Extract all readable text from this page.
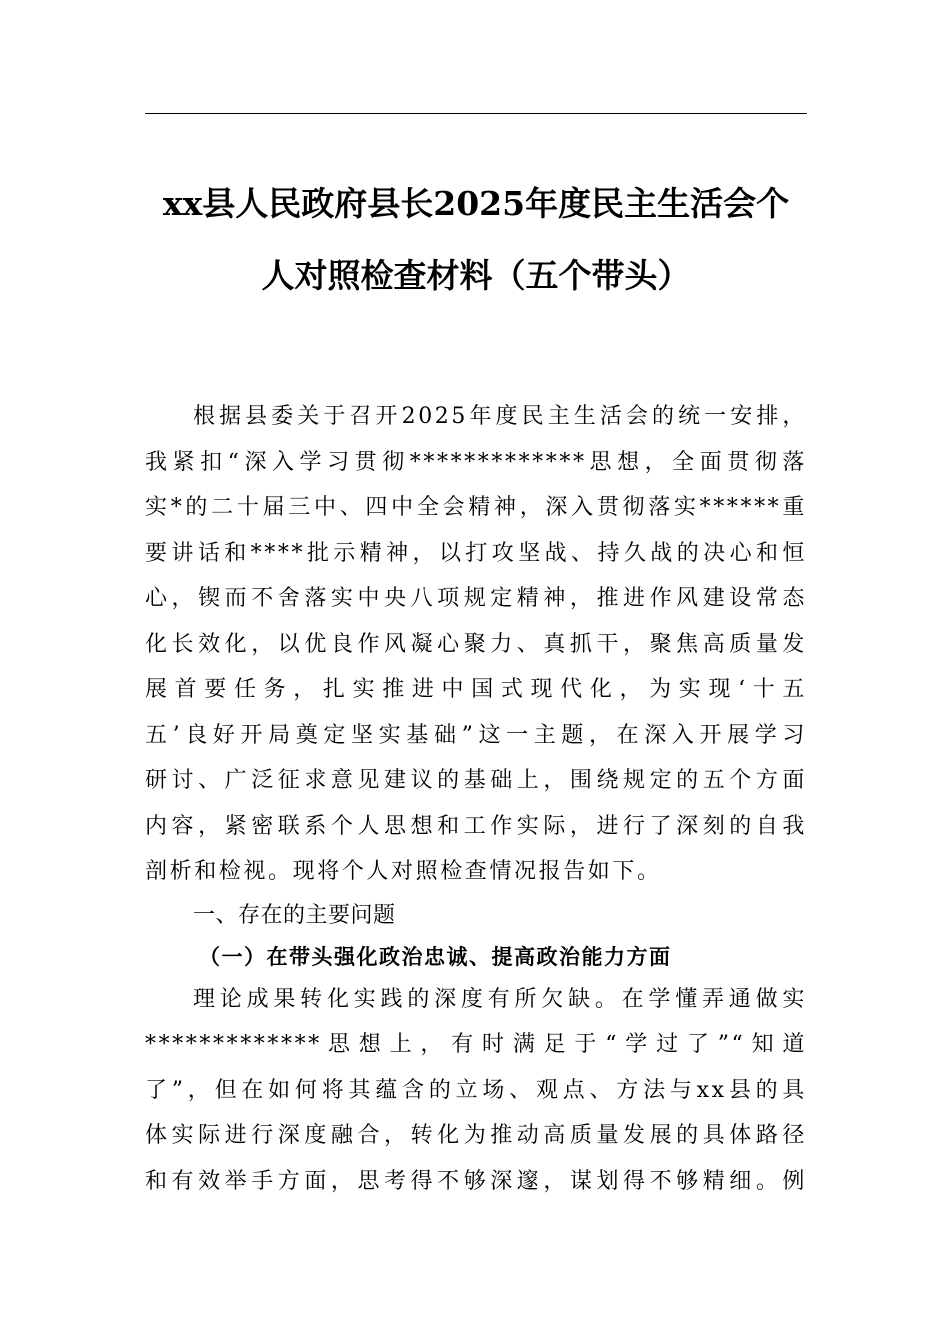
xx县人民政府县长2025年度民主生活会个
人对照检查材料（五个带头）

根据县委关于召开2025年度民主生活会的统一安排，
我紧扣“深入学习贯彻*************思想，全面贯彻落
实*的二十届三中、四中全会精神，深入贯彻落实******重
要讲话和****批示精神，以打攻坚战、持久战的决心和恒
心，锲而不舍落实中央八项规定精神，推进作风建设常态
化长效化，以优良作风凝心聚力、真抓干，聚焦高质量发
展首要任务，扎实推进中国式现代化，为实现‘十五
五’良好开局奠定坚实基础”这一主题，在深入开展学习
研讨、广泛征求意见建议的基础上，围绕规定的五个方面
内容，紧密联系个人思想和工作实际，进行了深刻的自我
剖析和检视。现将个人对照检查情况报告如下。

一、存在的主要问题

（一）在带头强化政治忠诚、提高政治能力方面

理论成果转化实践的深度有所欠缺。在学懂弄通做实
*************思想上，有时满足于“学过了”“知道
了”，但在如何将其蕴含的立场、观点、方法与xx县的具
体实际进行深度融合，转化为推动高质量发展的具体路径
和有效举手方面，思考得不够深邃，谋划得不够精细。例
